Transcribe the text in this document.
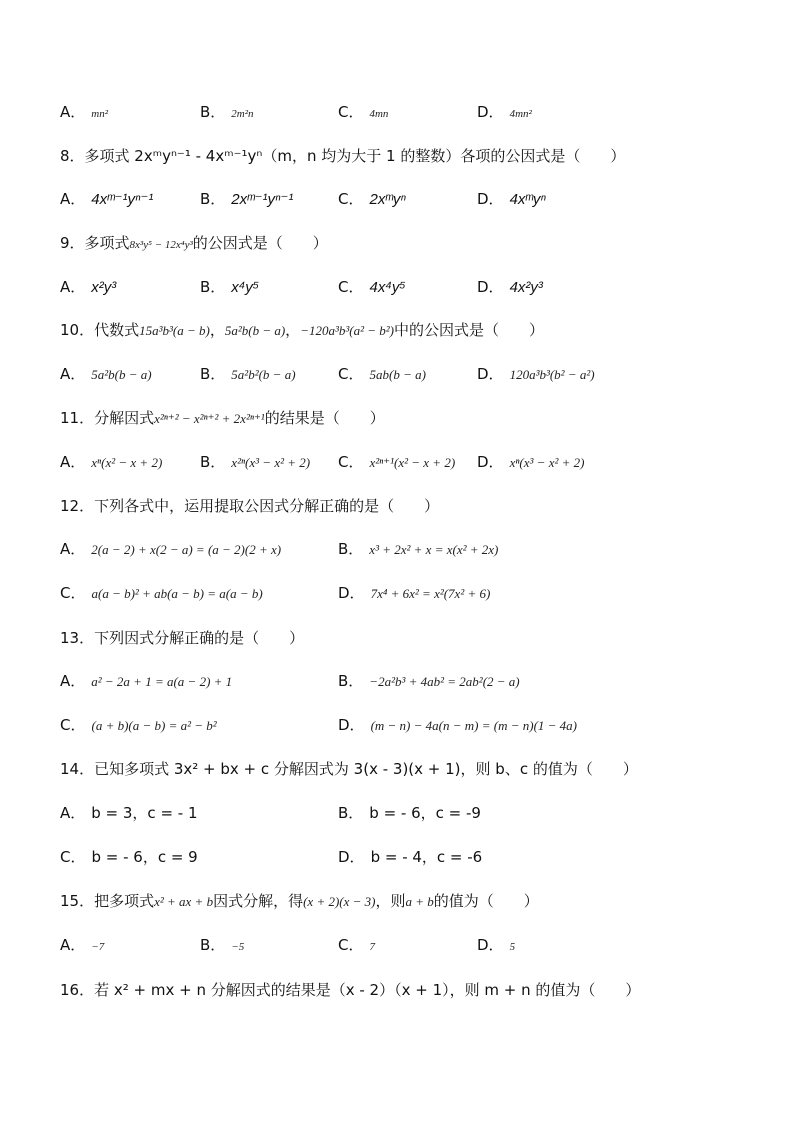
A． mn²	B． 2m²n	C． 4mn	D． 4mn²
8．多项式 2xᵐyⁿ⁻¹ - 4xᵐ⁻¹yⁿ（m，n 均为大于 1 的整数）各项的公因式是（　　）
A． 4xᵐ⁻¹yⁿ⁻¹	B． 2xᵐ⁻¹yⁿ⁻¹	C． 2xᵐyⁿ	D． 4xᵐyⁿ
9．多项式8x³y⁵ − 12x⁴y³的公因式是（　　）
A． x²y³	B． x⁴y⁵	C． 4x⁴y⁵	D． 4x²y³
10．代数式15a³b³(a − b)，5a²b(b − a)，−120a³b³(a² − b²)中的公因式是（　　）
A． 5a²b(b − a)	B． 5a²b²(b − a)	C． 5ab(b − a)	D． 120a³b³(b² − a²)
11．分解因式x²ⁿ⁺² − x²ⁿ⁺² + 2x²ⁿ⁺¹的结果是（　　）
A． xⁿ(x² − x + 2)	B． x²ⁿ(x³ − x² + 2) C． x²ⁿ⁺¹(x² − x + 2) D． xⁿ(x³ − x² + 2)
12．下列各式中，运用提取公因式分解正确的是（　　）
A． 2(a − 2) + x(2 − a) = (a − 2)(2 + x)	B． x³ + 2x² + x = x(x² + 2x)
C． a(a − b)² + ab(a − b) = a(a − b)	D． 7x⁴ + 6x² = x²(7x² + 6)
13．下列因式分解正确的是（　　）
A． a² − 2a + 1 = a(a − 2) + 1	B． −2a²b³ + 4ab² = 2ab²(2 − a)
C． (a + b)(a − b) = a² − b²	D． (m − n) − 4a(n − m) = (m − n)(1 − 4a)
14．已知多项式 3x² + bx + c 分解因式为 3(x - 3)(x + 1)，则 b、c 的值为（　　）
A． b = 3，c = - 1	B． b = - 6，c = -9
C． b = - 6，c = 9	D． b = - 4，c = -6
15．把多项式x² + ax + b因式分解，得(x + 2)(x − 3)，则a + b的值为（　　）
A． −7	B． −5	C． 7	D． 5
16．若 x² + mx + n 分解因式的结果是（x - 2）（x + 1），则 m + n 的值为（　　）
